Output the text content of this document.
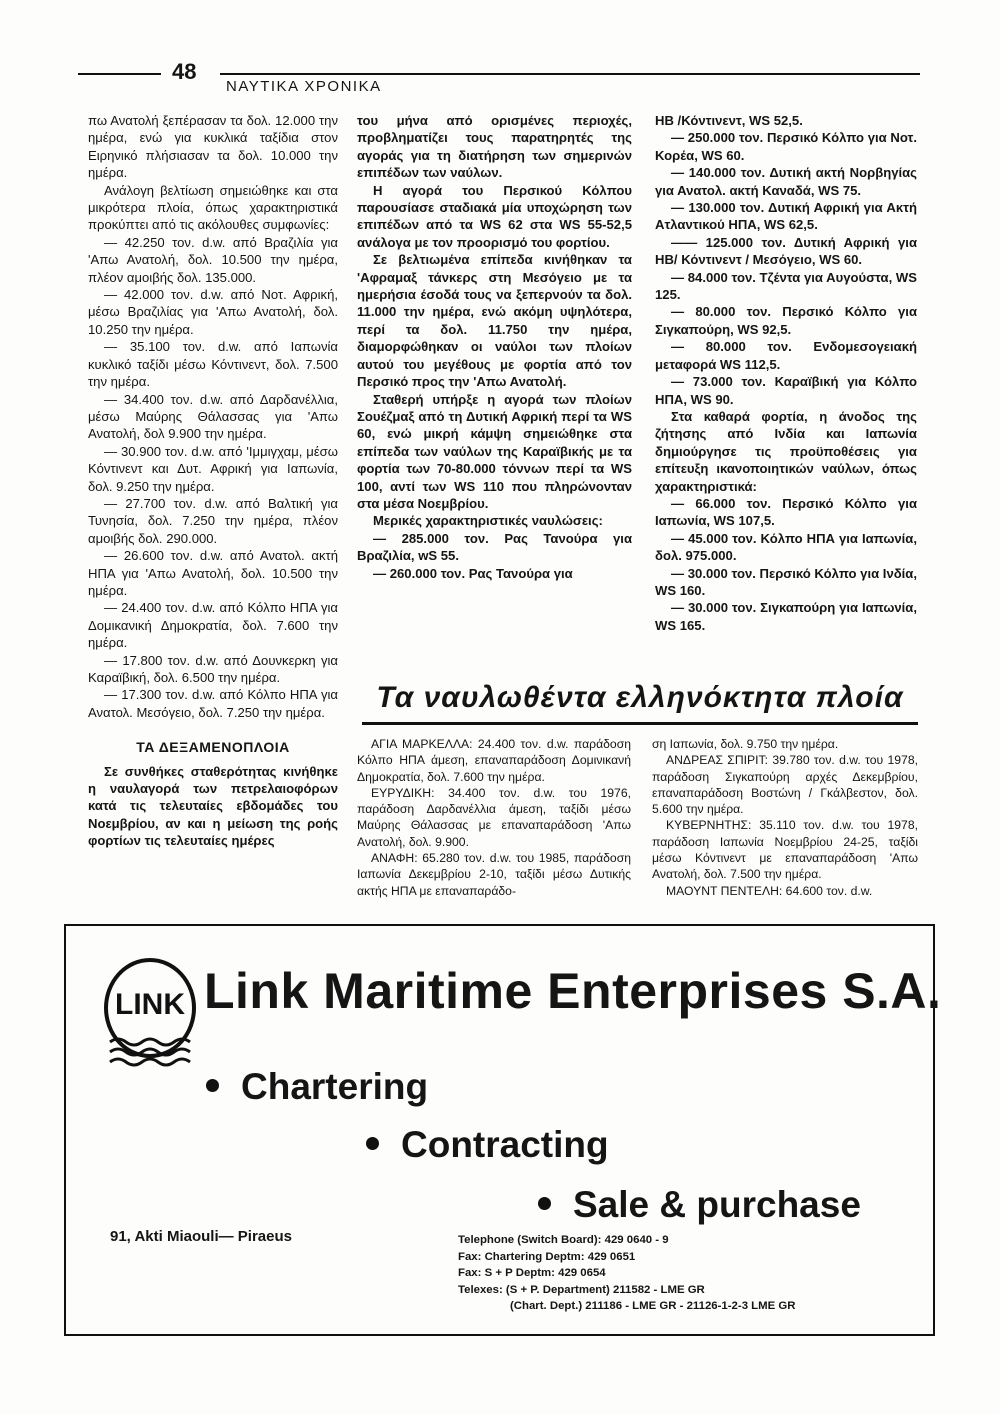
48
ΝΑΥΤΙΚΑ ΧΡΟΝΙΚΑ

πω Ανατολή ξεπέρασαν τα δολ. 12.000 την ημέρα, ενώ για κυκλικά ταξίδια στον Ειρηνικό πλήσιασαν τα δολ. 10.000 την ημέρα.

Ανάλογη βελτίωση σημειώθηκε και στα μικρότερα πλοία, όπως χαρακτηριστικά προκύπτει από τις ακόλουθες συμφωνίες:

— 42.250 τον. d.w. από Βραζιλία για 'Απω Ανατολή, δολ. 10.500 την ημέρα, πλέον αμοιβής δολ. 135.000.

— 42.000 τον. d.w. από Νοτ. Αφρική, μέσω Βραζιλίας για 'Απω Ανατολή, δολ. 10.250 την ημέρα.

— 35.100 τον. d.w. από Ιαπωνία κυκλικό ταξίδι μέσω Κόντινεντ, δολ. 7.500 την ημέρα.

— 34.400 τον. d.w. από Δαρδανέλλια, μέσω Μαύρης Θάλασσας για 'Απω Ανατολή, δολ 9.900 την ημέρα.

— 30.900 τον. d.w. από 'Ιμμιγχαμ, μέσω Κόντινεντ και Δυτ. Αφρική για Ιαπωνία, δολ. 9.250 την ημέρα.

— 27.700 τον. d.w. από Βαλτική για Τυνησία, δολ. 7.250 την ημέρα, πλέον αμοιβής δολ. 290.000.

— 26.600 τον. d.w. από Ανατολ. ακτή ΗΠΑ για 'Απω Ανατολή, δολ. 10.500 την ημέρα.

— 24.400 τον. d.w. από Κόλπο ΗΠΑ για Δομικανική Δημοκρατία, δολ. 7.600 την ημέρα.

— 17.800 τον. d.w. από Δουνκερκη για Καραϊβική, δολ. 6.500 την ημέρα.

— 17.300 τον. d.w. από Κόλπο ΗΠΑ για Ανατολ. Μεσόγειο, δολ. 7.250 την ημέρα.

ΤΑ ΔΕΞΑΜΕΝΟΠΛΟΙΑ

Σε συνθήκες σταθερότητας κινήθηκε η ναυλαγορά των πετρελαιοφόρων κατά τις τελευταίες εβδομάδες του Νοεμβρίου, αν και η μείωση της ροής φορτίων τις τελευταίες ημέρες

του μήνα από ορισμένες περιοχές, προβληματίζει τους παρατηρητές της αγοράς για τη διατήρηση των σημερινών επιπέδων των ναύλων.

Η αγορά του Περσικού Κόλπου παρουσίασε σταδιακά μία υποχώρηση των επιπέδων από τα WS 62 στα WS 55-52,5 ανάλογα με τον προορισμό του φορτίου.

Σε βελτιωμένα επίπεδα κινήθηκαν τα 'Αφραμαξ τάνκερς στη Μεσόγειο με τα ημερήσια έσοδά τους να ξεπερνούν τα δολ. 11.000 την ημέρα, ενώ ακόμη υψηλότερα, περί τα δολ. 11.750 την ημέρα, διαμορφώθηκαν οι ναύλοι των πλοίων αυτού του μεγέθους με φορτία από τον Περσικό προς την 'Απω Ανατολή.

Σταθερή υπήρξε η αγορά των πλοίων Σουέζμαξ από τη Δυτική Αφρική περί τα WS 60, ενώ μικρή κάμψη σημειώθηκε στα επίπεδα των ναύλων της Καραϊβικής με τα φορτία των 70-80.000 τόννων περί τα WS 100, αντί των WS 110 που πληρώνονταν στα μέσα Νοεμβρίου.

Μερικές χαρακτηριστικές ναυλώσεις:

— 285.000 τον. Ρας Τανούρα για Βραζιλία, wS 55.

— 260.000 τον. Ρας Τανούρα για

ΗΒ /Κόντινεντ, WS 52,5.

— 250.000 τον. Περσικό Κόλπο για Νοτ. Κορέα, WS 60.

— 140.000 τον. Δυτική ακτή Νορβηγίας για Ανατολ. ακτή Καναδά, WS 75.

— 130.000 τον. Δυτική Αφρική για Ακτή Ατλαντικού ΗΠΑ, WS 62,5.

—— 125.000 τον. Δυτική Αφρική για ΗΒ/ Κόντινεντ / Μεσόγειο, WS 60.

— 84.000 τον. Τζέντα για Αυγούστα, WS 125.

— 80.000 τον. Περσικό Κόλπο για Σιγκαπούρη, WS 92,5.

— 80.000 τον. Ενδομεσογειακή μεταφορά WS 112,5.

— 73.000 τον. Καραϊβική για Κόλπο ΗΠΑ, WS 90.

Στα καθαρά φορτία, η άνοδος της ζήτησης από Ινδία και Ιαπωνία δημιούργησε τις προϋποθέσεις για επίτευξη ικανοποιητικών ναύλων, όπως χαρακτηριστικά:

— 66.000 τον. Περσικό Κόλπο για Ιαπωνία, WS 107,5.

— 45.000 τον. Κόλπο ΗΠΑ για Ιαπωνία, δολ. 975.000.

— 30.000 τον. Περσικό Κόλπο για Ινδία, WS 160.

— 30.000 τον. Σιγκαπούρη για Ιαπωνία, WS 165.

Τα ναυλωθέντα ελληνόκτητα πλοία

ΑΓΙΑ ΜΑΡΚΕΛΛΑ: 24.400 τον. d.w. παράδοση Κόλπο ΗΠΑ άμεση, επαναπαράδοση Δομινικανή Δημοκρατία, δολ. 7.600 την ημέρα.

ΕΥΡΥΔΙΚΗ: 34.400 τον. d.w. του 1976, παράδοση Δαρδανέλλια άμεση, ταξίδι μέσω Μαύρης Θάλασσας με επαναπαράδοση 'Απω Ανατολή, δολ. 9.900.

ΑΝΑΦΗ: 65.280 τον. d.w. του 1985, παράδοση Ιαπωνία Δεκεμβρίου 2-10, ταξίδι μέσω Δυτικής ακτής ΗΠΑ με επαναπαράδο-

ση Ιαπωνία, δολ. 9.750 την ημέρα.

ΑΝΔΡΕΑΣ ΣΠΙΡΙΤ: 39.780 τον. d.w. του 1978, παράδοση Σιγκαπούρη αρχές Δεκεμβρίου, επαναπαράδοση Βοστώνη / Γκάλβεστον, δολ. 5.600 την ημέρα.

ΚΥΒΕΡΝΗΤΗΣ: 35.110 τον. d.w. του 1978, παράδοση Ιαπωνία Νοεμβρίου 24-25, ταξίδι μέσω Κόντινεντ με επαναπαράδοση 'Απω Ανατολή, δολ. 7.500 την ημέρα.

ΜΑΟΥΝΤ ΠΕΝΤΕΛΗ: 64.600 τον. d.w.

LINK Link Maritime Enterprises S.A.
Chartering
Contracting
Sale & purchase
91, Akti Miaouli— Piraeus	Telephone (Switch Board): 429 0640 - 9
Fax: Chartering Deptm: 429 0651
Fax: S + P Deptm: 429 0654
Telexes: (S + P. Department) 211582 - LME GR
(Chart. Dept.) 211186 - LME GR - 21126-1-2-3 LME GR
